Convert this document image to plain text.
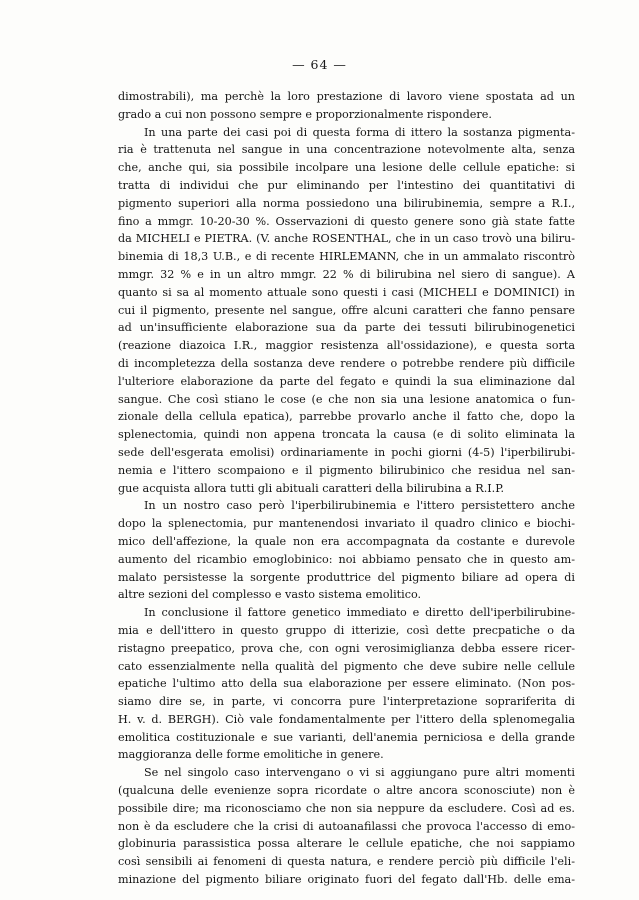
— 64 —
dimostrabili), ma perchè la loro prestazione di lavoro viene spostata ad un
grado a cui non possono sempre e proporzionalmente rispondere.
In una parte dei casi poi di questa forma di ittero la sostanza pigmenta-
ria è trattenuta nel sangue in una concentrazione notevolmente alta, senza
che, anche qui, sia possibile incolpare una lesione delle cellule epatiche: si
tratta di individui che pur eliminando per l'intestino dei quantitativi di
pigmento superiori alla norma possiedono una bilirubinemia, sempre a R.I.,
fino a mmgr. 10-20-30 %. Osservazioni di questo genere sono già state fatte
da MICHELI e PIETRA. (V. anche ROSENTHAL, che in un caso trovò una biliru-
binemia di 18,3 U.B., e di recente HIRLEMANN, che in un ammalato riscontrò
mmgr. 32 % e in un altro mmgr. 22 % di bilirubina nel siero di sangue). A
quanto si sa al momento attuale sono questi i casi (MICHELI e DOMINICI) in
cui il pigmento, presente nel sangue, offre alcuni caratteri che fanno pensare
ad un'insufficiente elaborazione sua da parte dei tessuti bilirubinogenetici
(reazione diazoica I.R., maggior resistenza all'ossidazione), e questa sorta
di incompletezza della sostanza deve rendere o potrebbe rendere più difficile
l'ulteriore elaborazione da parte del fegato e quindi la sua eliminazione dal
sangue. Che così stiano le cose (e che non sia una lesione anatomica o fun-
zionale della cellula epatica), parrebbe provarlo anche il fatto che, dopo la
splenectomia, quindi non appena troncata la causa (e di solito eliminata la
sede dell'esgerata emolisi) ordinariamente in pochi giorni (4-5) l'iperbilirubi-
nemia e l'ittero scompaiono e il pigmento bilirubinico che residua nel san-
gue acquista allora tutti gli abituali caratteri della bilirubina a R.I.P.
In un nostro caso però l'iperbilirubinemia e l'ittero persistettero anche
dopo la splenectomia, pur mantenendosi invariato il quadro clinico e biochi-
mico dell'affezione, la quale non era accompagnata da costante e durevole
aumento del ricambio emoglobinico: noi abbiamo pensato che in questo am-
malato persistesse la sorgente produttrice del pigmento biliare ad opera di
altre sezioni del complesso e vasto sistema emolitico.
In conclusione il fattore genetico immediato e diretto dell'iperbilirubine-
mia e dell'ittero in questo gruppo di itterizie, così dette precpatiche o da
ristagno preepatico, prova che, con ogni verosimiglianza debba essere ricer-
cato essenzialmente nella qualità del pigmento che deve subire nelle cellule
epatiche l'ultimo atto della sua elaborazione per essere eliminato. (Non pos-
siamo dire se, in parte, vi concorra pure l'interpretazione soprariferita di
H. v. d. BERGH). Ciò vale fondamentalmente per l'ittero della splenomegalia
emolitica costituzionale e sue varianti, dell'anemia perniciosa e della grande
maggioranza delle forme emolitiche in genere.
Se nel singolo caso intervengano o vi si aggiungano pure altri momenti
(qualcuna delle evenienze sopra ricordate o altre ancora sconosciute) non è
possibile dire; ma riconosciamo che non sia neppure da escludere. Così ad es.
non è da escludere che la crisi di autoanafilassi che provoca l'accesso di emo-
globinuria parassistica possa alterare le cellule epatiche, che noi sappiamo
così sensibili ai fenomeni di questa natura, e rendere perciò più difficile l'eli-
minazione del pigmento biliare originato fuori del fegato dall'Hb. delle ema-
